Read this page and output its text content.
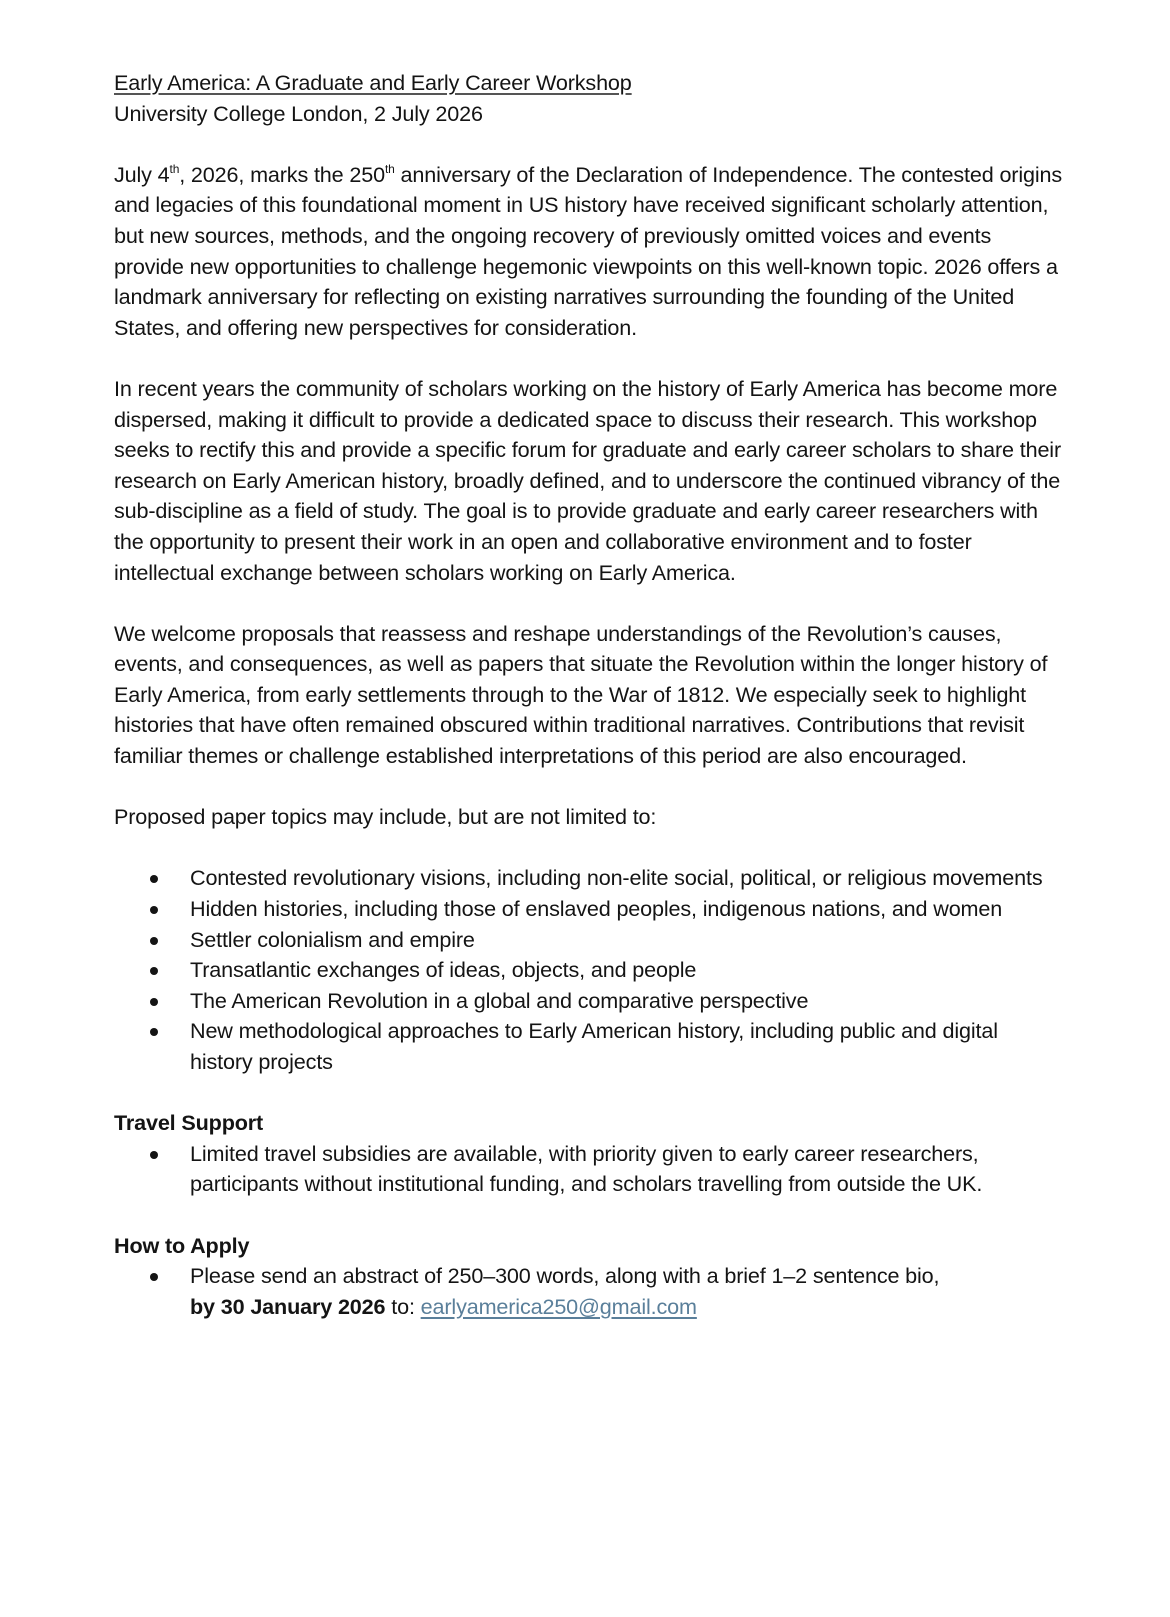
Early America: A Graduate and Early Career Workshop

University College London, 2 July 2026

July 4th, 2026, marks the 250th anniversary of the Declaration of Independence. The contested origins and legacies of this foundational moment in US history have received significant scholarly attention, but new sources, methods, and the ongoing recovery of previously omitted voices and events provide new opportunities to challenge hegemonic viewpoints on this well-known topic. 2026 offers a landmark anniversary for reflecting on existing narratives surrounding the founding of the United States, and offering new perspectives for consideration.

In recent years the community of scholars working on the history of Early America has become more dispersed, making it difficult to provide a dedicated space to discuss their research. This workshop seeks to rectify this and provide a specific forum for graduate and early career scholars to share their research on Early American history, broadly defined, and to underscore the continued vibrancy of the sub-discipline as a field of study. The goal is to provide graduate and early career researchers with the opportunity to present their work in an open and collaborative environment and to foster intellectual exchange between scholars working on Early America.

We welcome proposals that reassess and reshape understandings of the Revolution’s causes, events, and consequences, as well as papers that situate the Revolution within the longer history of Early America, from early settlements through to the War of 1812. We especially seek to highlight histories that have often remained obscured within traditional narratives. Contributions that revisit familiar themes or challenge established interpretations of this period are also encouraged.

Proposed paper topics may include, but are not limited to:

Contested revolutionary visions, including non-elite social, political, or religious movements
Hidden histories, including those of enslaved peoples, indigenous nations, and women
Settler colonialism and empire
Transatlantic exchanges of ideas, objects, and people
The American Revolution in a global and comparative perspective
New methodological approaches to Early American history, including public and digital history projects

Travel Support

Limited travel subsidies are available, with priority given to early career researchers, participants without institutional funding, and scholars travelling from outside the UK.

How to Apply

Please send an abstract of 250–300 words, along with a brief 1–2 sentence bio,
by 30 January 2026 to: earlyamerica250@gmail.com
